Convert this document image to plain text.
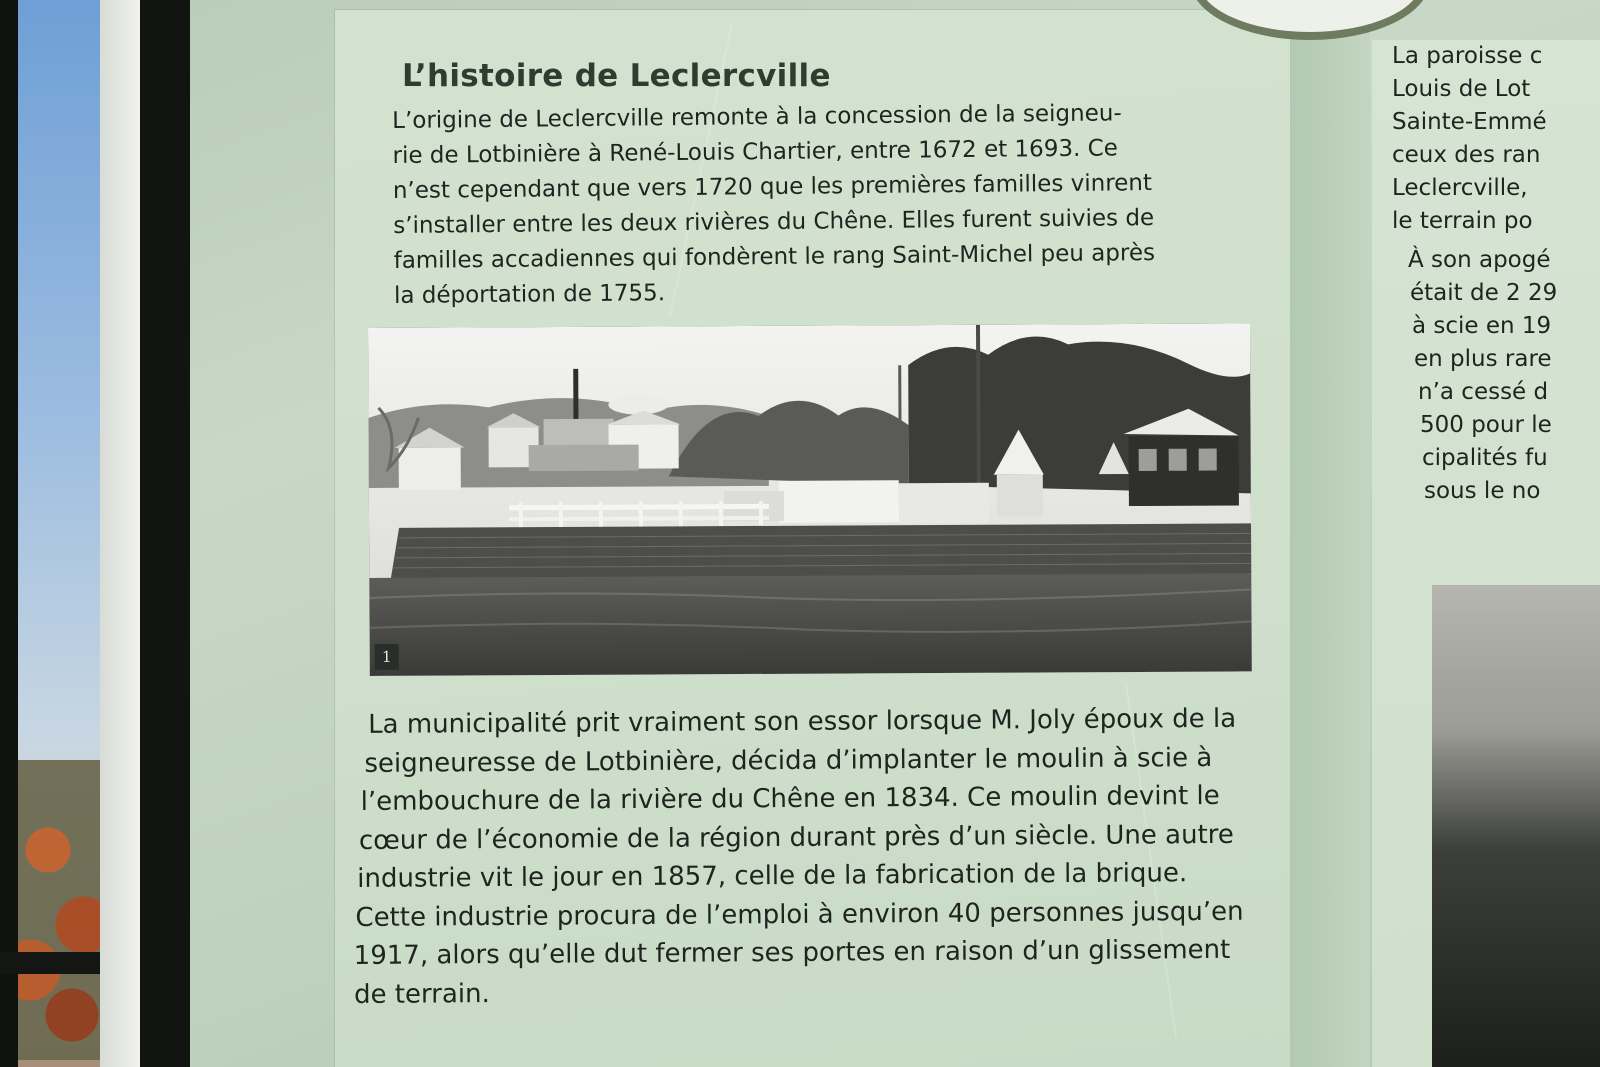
L’histoire de Leclercville
L’origine de Leclercville remonte à la concession de la seigneu-
rie de Lotbinière à René-Louis Chartier, entre 1672 et 1693. Ce
n’est cependant que vers 1720 que les premières familles vinrent
s’installer entre les deux rivières du Chêne. Elles furent suivies de
familles accadiennes qui fondèrent le rang Saint-Michel peu après
la déportation de 1755.
1
La municipalité prit vraiment son essor lorsque M. Joly époux de la
seigneuresse de Lotbinière, décida d’implanter le moulin à scie à
l’embouchure de la rivière du Chêne en 1834. Ce moulin devint le
cœur de l’économie de la région durant près d’un siècle. Une autre
industrie vit le jour en 1857, celle de la fabrication de la brique.
Cette industrie procura de l’emploi à environ 40 personnes jusqu’en
1917, alors qu’elle dut fermer ses portes en raison d’un glissement
de terrain.
La paroisse c
Louis de Lot
Sainte-Emmé
ceux des ran
Leclercville,
le terrain po
À son apogé
était de 2 29
à scie en 19
en plus rare
n’a cessé d
500 pour le
cipalités fu
sous le no
